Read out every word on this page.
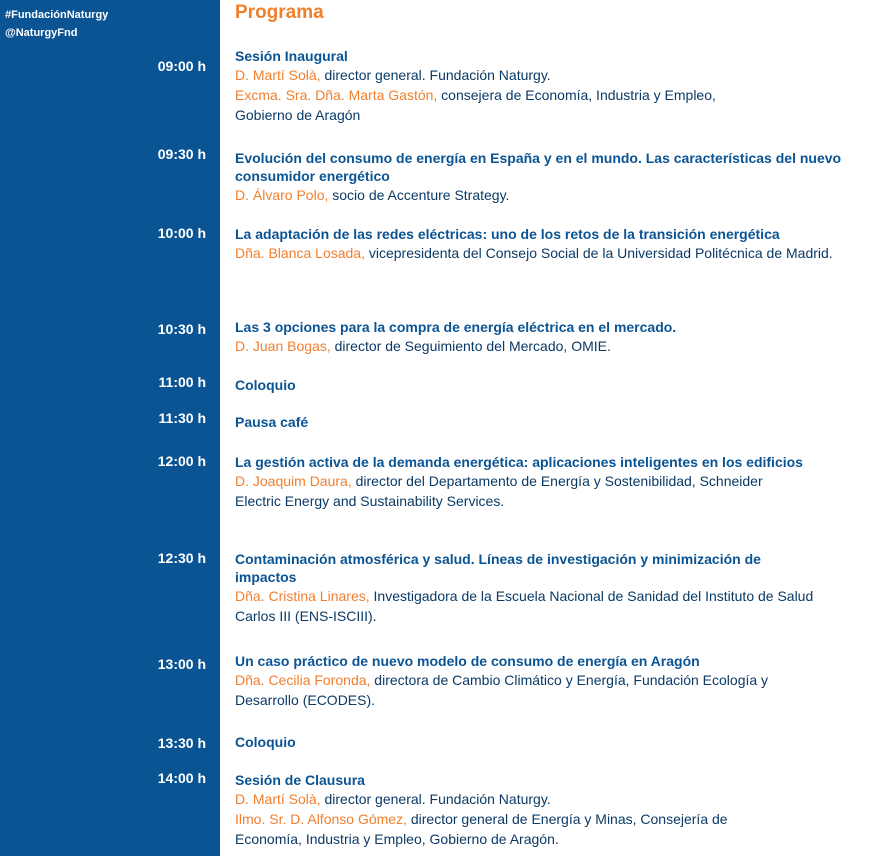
#FundaciónNaturgy
@NaturgyFnd
09:00 h
09:30 h
10:00 h
10:30 h
11:00 h
11:30 h
12:00 h
12:30 h
13:00 h
13:30 h
14:00 h
Programa
Sesión Inaugural
D. Martí Solà, director general. Fundación Naturgy.
Excma. Sra. Dña. Marta Gastón, consejera de Economía, Industria y Empleo,
Gobierno de Aragón
Evolución del consumo de energía en España y en el mundo. Las características del nuevo consumidor energético
D. Álvaro Polo, socio de Accenture Strategy.
La adaptación de las redes eléctricas: uno de los retos de la transición energética
Dña. Blanca Losada, vicepresidenta del Consejo Social de la Universidad Politécnica de Madrid.
Las 3 opciones para la compra de energía eléctrica en el mercado.
D. Juan Bogas, director de Seguimiento del Mercado, OMIE.
Coloquio
Pausa café
La gestión activa de la demanda energética: aplicaciones inteligentes en los edificios
D. Joaquim Daura, director del Departamento de Energía y Sostenibilidad, Schneider Electric Energy and Sustainability Services.
Contaminación atmosférica y salud. Líneas de investigación y minimización de impactos
Dña. Cristina Linares, Investigadora de la Escuela Nacional de Sanidad del Instituto de Salud Carlos III (ENS-ISCIII).
Un caso práctico de nuevo modelo de consumo de energía en Aragón
Dña. Cecilia Foronda, directora de Cambio Climático y Energía, Fundación Ecología y Desarrollo (ECODES).
Coloquio
Sesión de Clausura
D. Martí Solà, director general. Fundación Naturgy.
Ilmo. Sr. D. Alfonso Gómez, director general de Energía y Minas, Consejería de Economía, Industria y Empleo, Gobierno de Aragón.
